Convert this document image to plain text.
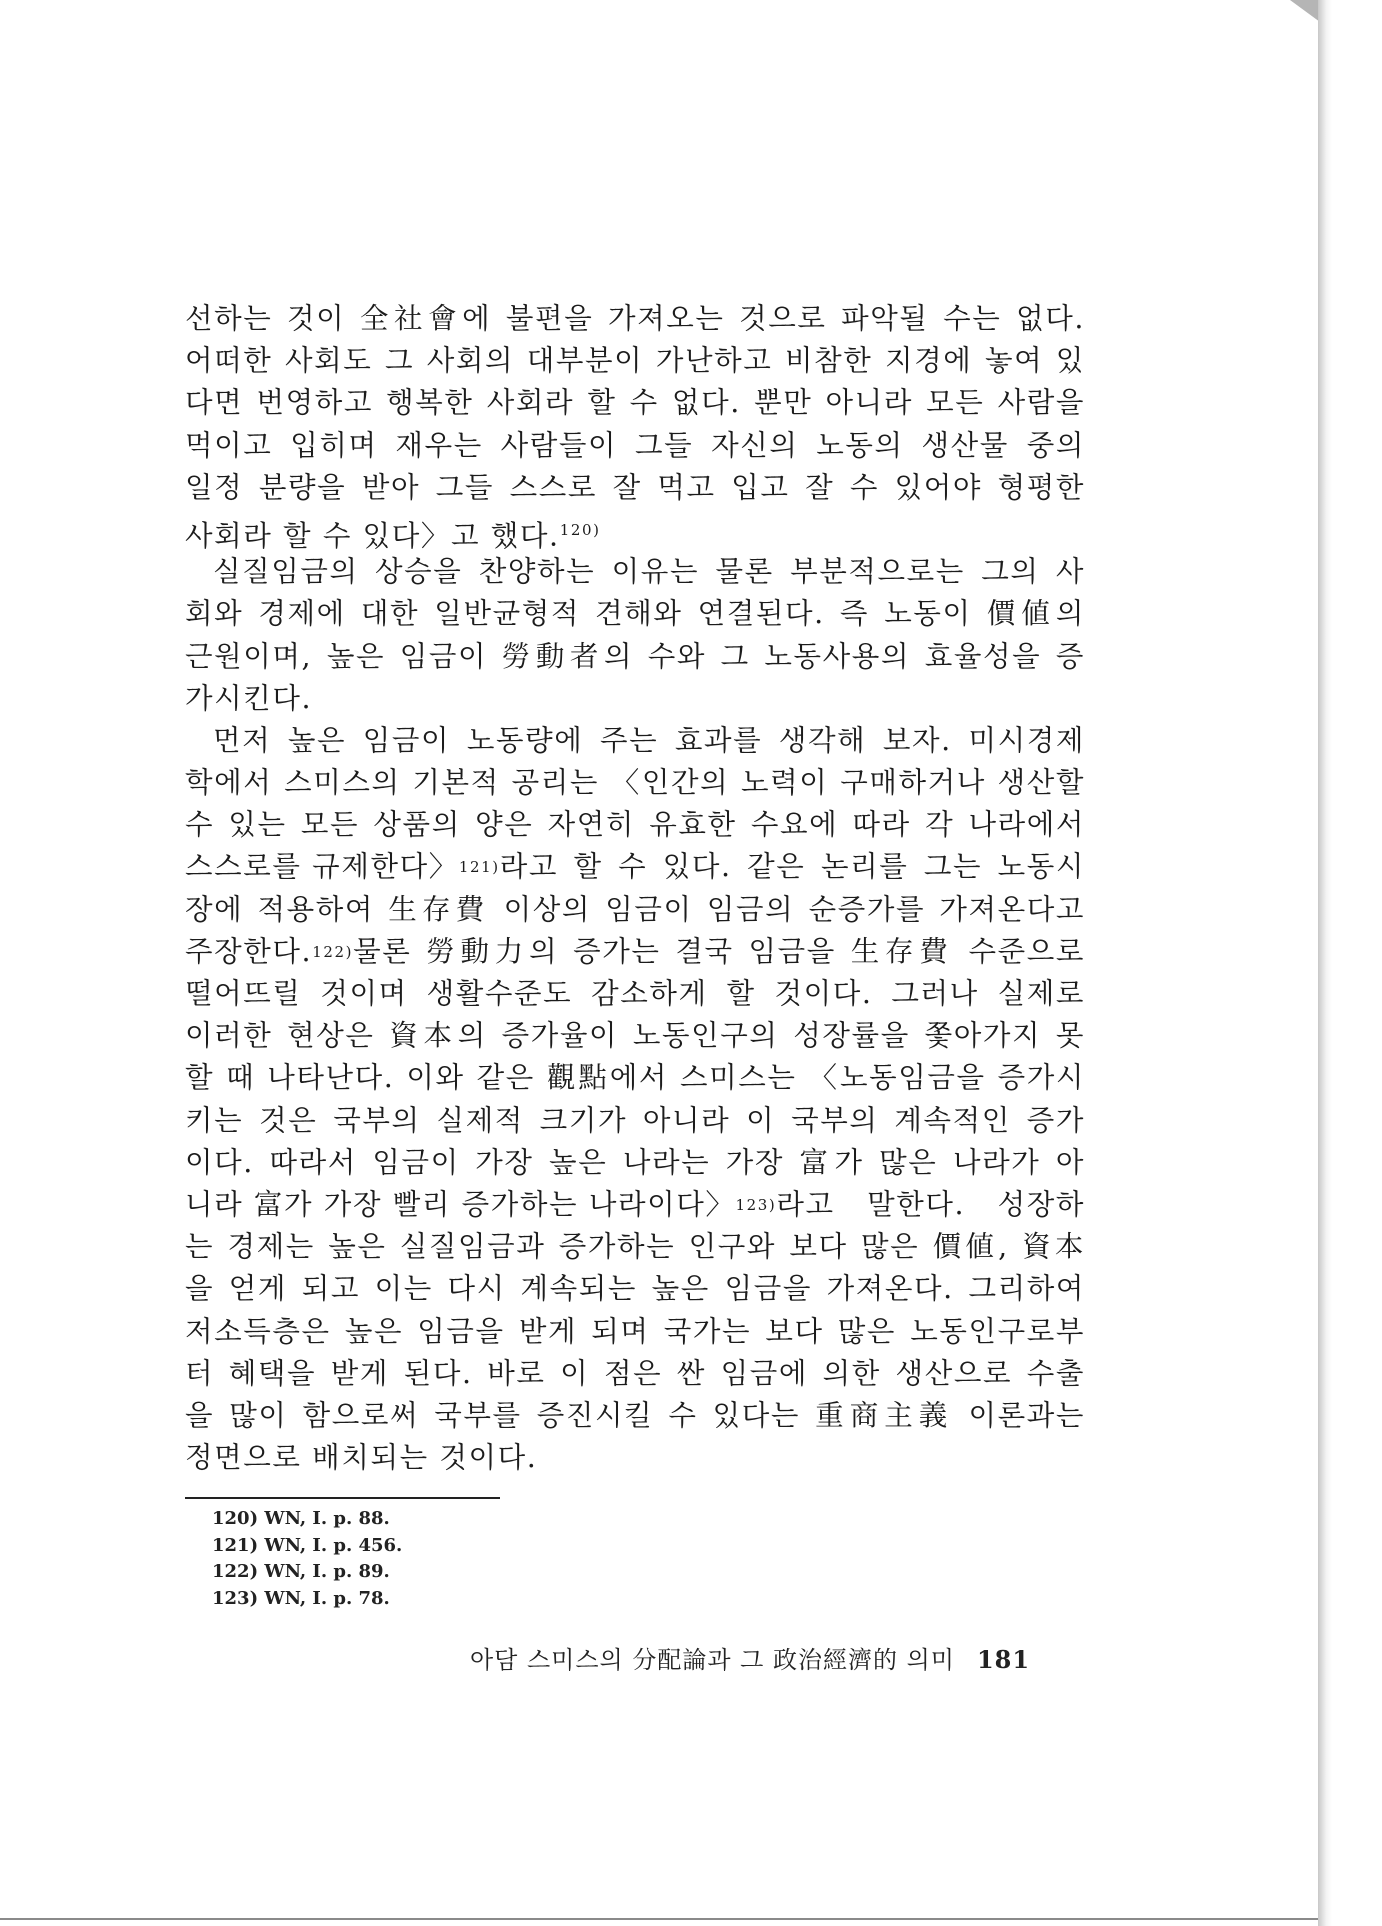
선하는 것이 全社會에 불편을 가져오는 것으로 파악될 수는 없다.
어떠한 사회도 그 사회의 대부분이 가난하고 비참한 지경에 놓여 있
다면 번영하고 행복한 사회라 할 수 없다. 뿐만 아니라 모든 사람을
먹이고 입히며 재우는 사람들이 그들 자신의 노동의 생산물 중의
일정 분량을 받아 그들 스스로 잘 먹고 입고 잘 수 있어야 형평한
사회라 할 수 있다〉고 했다.$^{120)}$
실질임금의 상승을 찬양하는 이유는 물론 부분적으로는 그의 사
회와 경제에 대한 일반균형적 견해와 연결된다. 즉 노동이 價値의
근원이며, 높은 임금이 勞動者의 수와 그 노동사용의 효율성을 증
가시킨다.
먼저 높은 임금이 노동량에 주는 효과를 생각해 보자. 미시경제
학에서 스미스의 기본적 공리는 〈인간의 노력이 구매하거나 생산할
수 있는 모든 상품의 양은 자연히 유효한 수요에 따라 각 나라에서
스스로를 규제한다〉 121) 라고 할 수 있다. 같은 논리를 그는 노동시
장에 적용하여 生存費 이상의 임금이 임금의 순증가를 가져온다고
주장한다. 122) 물론 勞動力의 증가는 결국 임금을 生存費 수준으로
떨어뜨릴 것이며 생활수준도 감소하게 할 것이다. 그러나 실제로
이러한 현상은 資本의 증가율이 노동인구의 성장률을 쫓아가지 못
할 때 나타난다. 이와 같은 觀點에서 스미스는 〈노동임금을 증가시
키는 것은 국부의 실제적 크기가 아니라 이 국부의 계속적인 증가
이다. 따라서 임금이 가장 높은 나라는 가장 富가 많은 나라가 아
니라 富가 가장 빨리 증가하는 나라이다〉 123) 라고 말한다. 성장하
는 경제는 높은 실질임금과 증가하는 인구와 보다 많은 價値, 資本
을 얻게 되고 이는 다시 계속되는 높은 임금을 가져온다. 그리하여
저소득층은 높은 임금을 받게 되며 국가는 보다 많은 노동인구로부
터 혜택을 받게 된다. 바로 이 점은 싼 임금에 의한 생산으로 수출
을 많이 함으로써 국부를 증진시킬 수 있다는 重商主義 이론과는
정면으로 배치되는 것이다.
120) WN, I. p. 88.
121) WN, I. p. 456.
122) WN, I. p. 89.
123) WN, I. p. 78.
아담 스미스의 分配論과 그 政治經濟的 의미 181
